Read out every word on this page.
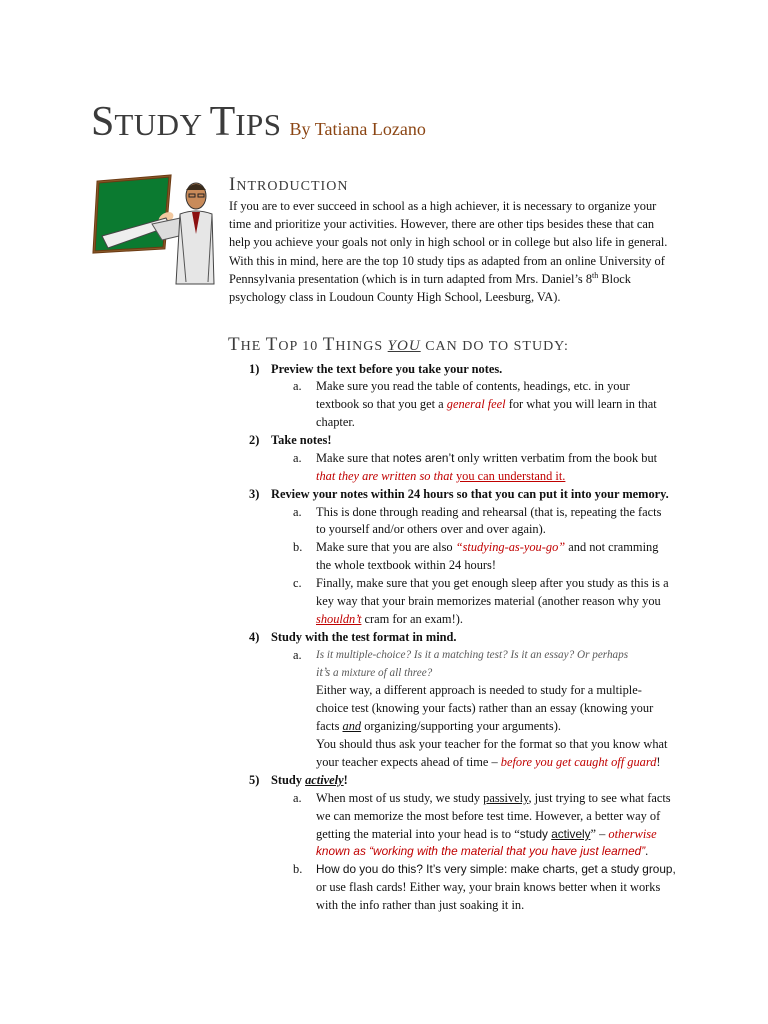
STUDY TIPS By Tatiana Lozano
INTRODUCTION

If you are to ever succeed in school as a high achiever, it is necessary to organize your

time and prioritize your activities. However, there are other tips besides these that can

help you achieve your goals not only in high school or in college but also life in general.

With this in mind, here are the top 10 study tips as adapted from an online University of

Pennsylvania presentation (which is in turn adapted from Mrs. Daniel’s 8th Block

psychology class in Loudoun County High School, Leesburg, VA).

THE TOP 10 THINGS YOU CAN DO TO STUDY:
1) Preview the text before you take your notes.
a. Make sure you read the table of contents, headings, etc. in your
textbook so that you get a general feel for what you will learn in that
chapter.
2) Take notes!
a. Make sure that notes aren’t only written verbatim from the book but
that they are written so that you can understand it.
3) Review your notes within 24 hours so that you can put it into your memory.
a. This is done through reading and rehearsal (that is, repeating the facts
to yourself and/or others over and over again).
b. Make sure that you are also “studying-as-you-go” and not cramming
the whole textbook within 24 hours!
c. Finally, make sure that you get enough sleep after you study as this is a
key way that your brain memorizes material (another reason why you
shouldn’t cram for an exam!).
4) Study with the test format in mind.
a. Is it multiple-choice? Is it a matching test? Is it an essay? Or perhaps
it’s a mixture of all three?
Either way, a different approach is needed to study for a multiple-
choice test (knowing your facts) rather than an essay (knowing your
facts and organizing/supporting your arguments).
You should thus ask your teacher for the format so that you know what
your teacher expects ahead of time – before you get caught off guard!
5) Study actively!
a. When most of us study, we study passively, just trying to see what facts
we can memorize the most before test time. However, a better way of
getting the material into your head is to “study actively” – otherwise
known as “working with the material that you have just learned”.
b. How do you do this? It’s very simple: make charts, get a study group,
or use flash cards! Either way, your brain knows better when it works
with the info rather than just soaking it in.
